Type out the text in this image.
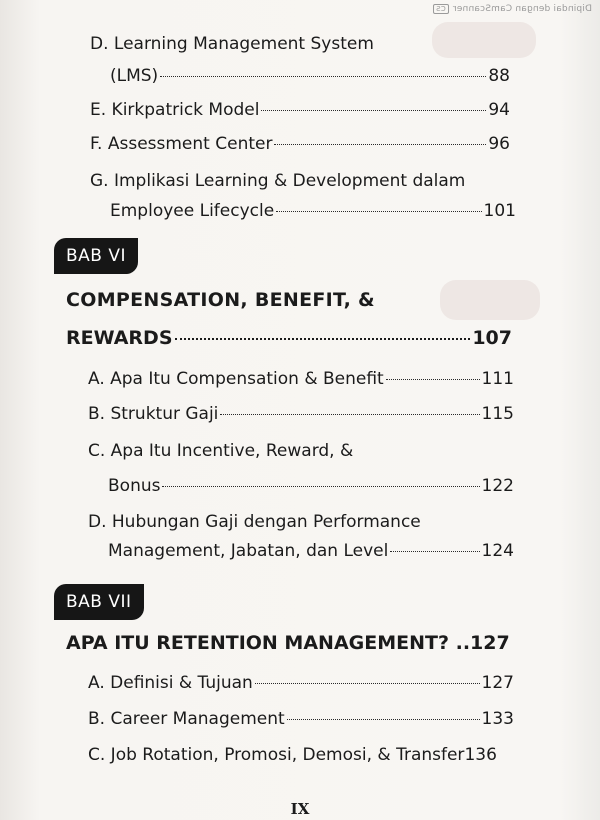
Dipindai dengan CamScannerCS
D. Learning Management System
(LMS)	88
E. Kirkpatrick Model	94
F. Assessment Center	96
G. Implikasi Learning & Development dalam
Employee Lifecycle	101
BAB VI
COMPENSATION, BENEFIT, &
REWARDS	107
A. Apa Itu Compensation & Benefit	111
B. Struktur Gaji	115
C. Apa Itu Incentive, Reward, &
Bonus	122
D. Hubungan Gaji dengan Performance
Management, Jabatan, dan Level	124
BAB VII
APA ITU RETENTION MANAGEMENT? .. 127
A. Definisi & Tujuan	127
B. Career Management	133
C. Job Rotation, Promosi, Demosi, & Transfer 136
IX
